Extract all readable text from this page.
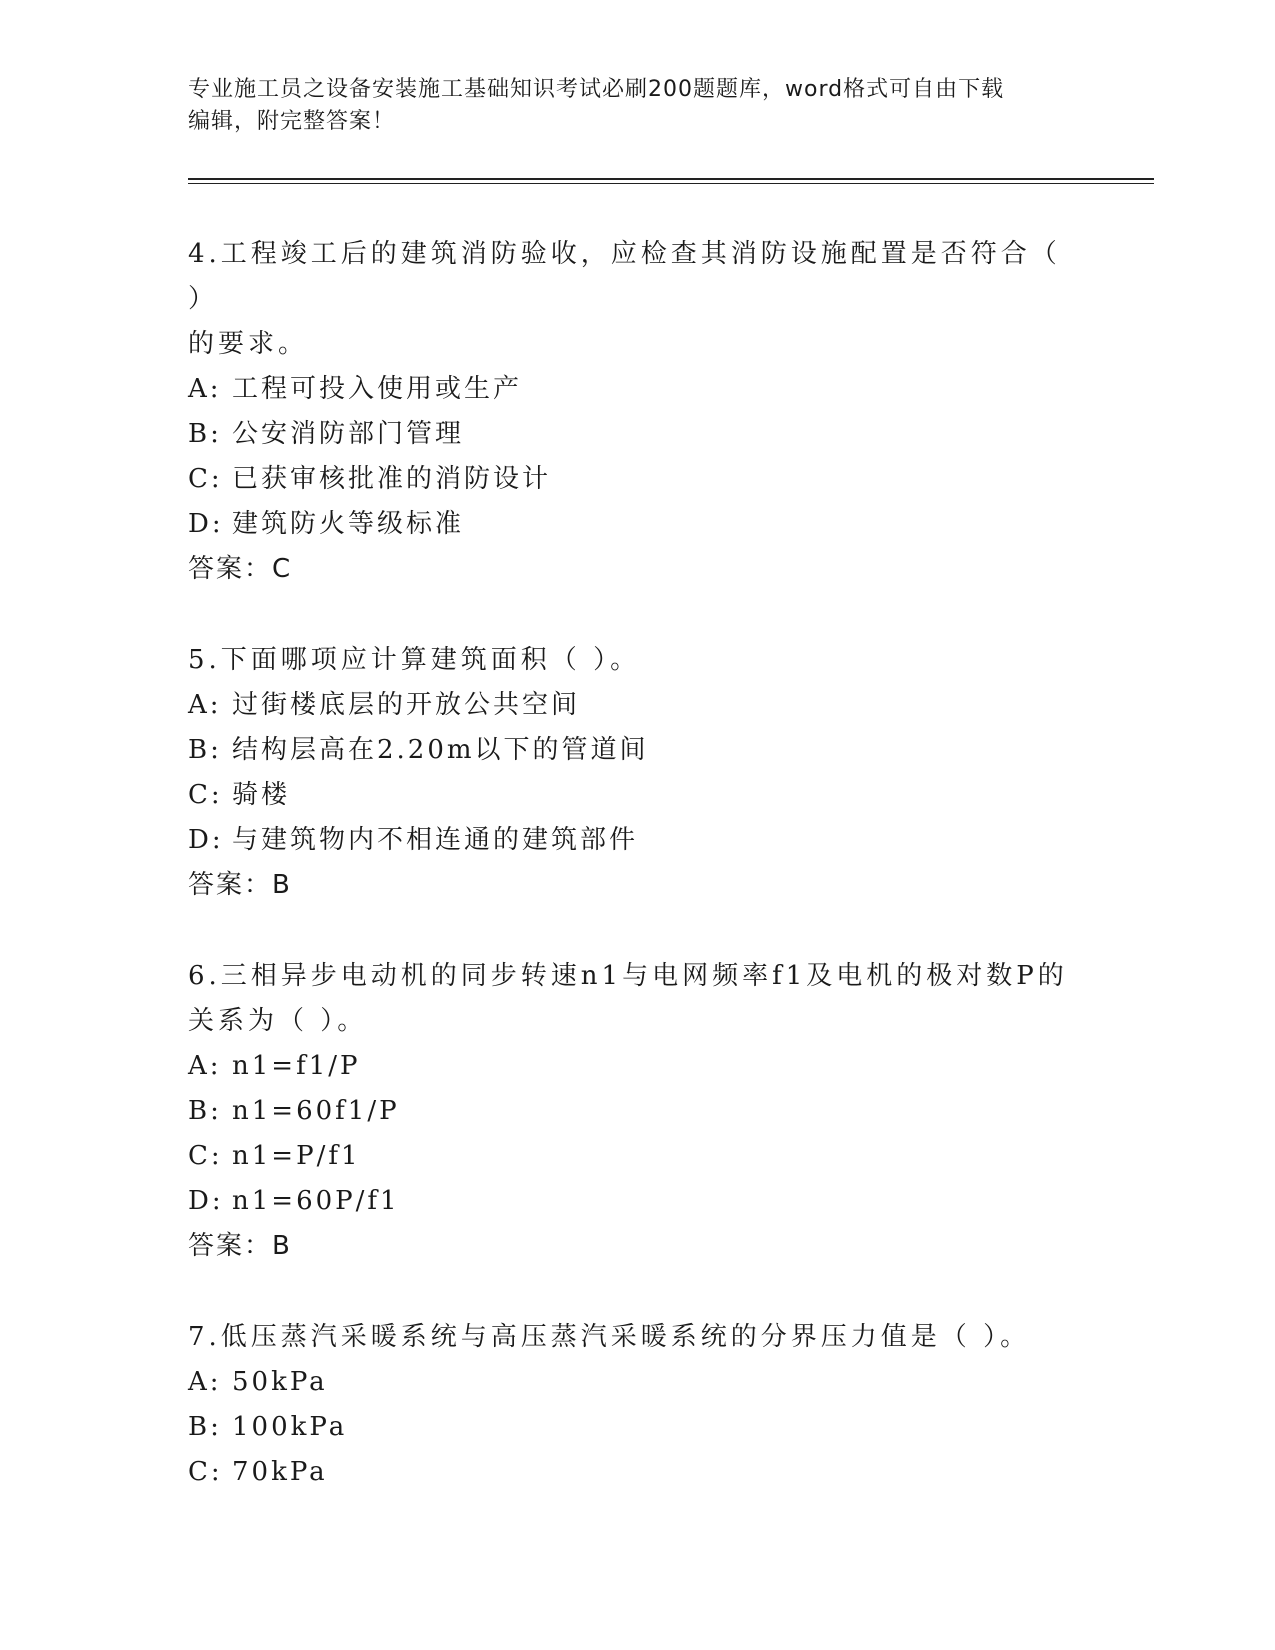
专业施工员之设备安装施工基础知识考试必刷200题题库，word格式可自由下载
编辑，附完整答案！
4.工程竣工后的建筑消防验收，应检查其消防设施配置是否符合（ ）
的要求。
A: 工程可投入使用或生产
B: 公安消防部门管理
C: 已获审核批准的消防设计
D: 建筑防火等级标准
答案：C
5.下面哪项应计算建筑面积（ ）。
A: 过街楼底层的开放公共空间
B: 结构层高在2.20m以下的管道间
C: 骑楼
D: 与建筑物内不相连通的建筑部件
答案：B
6.三相异步电动机的同步转速n1与电网频率f1及电机的极对数P的
关系为（ ）。
A: n1=f1/P
B: n1=60f1/P
C: n1=P/f1
D: n1=60P/f1
答案：B
7.低压蒸汽采暖系统与高压蒸汽采暖系统的分界压力值是（ ）。
A: 50kPa
B: 100kPa
C: 70kPa
